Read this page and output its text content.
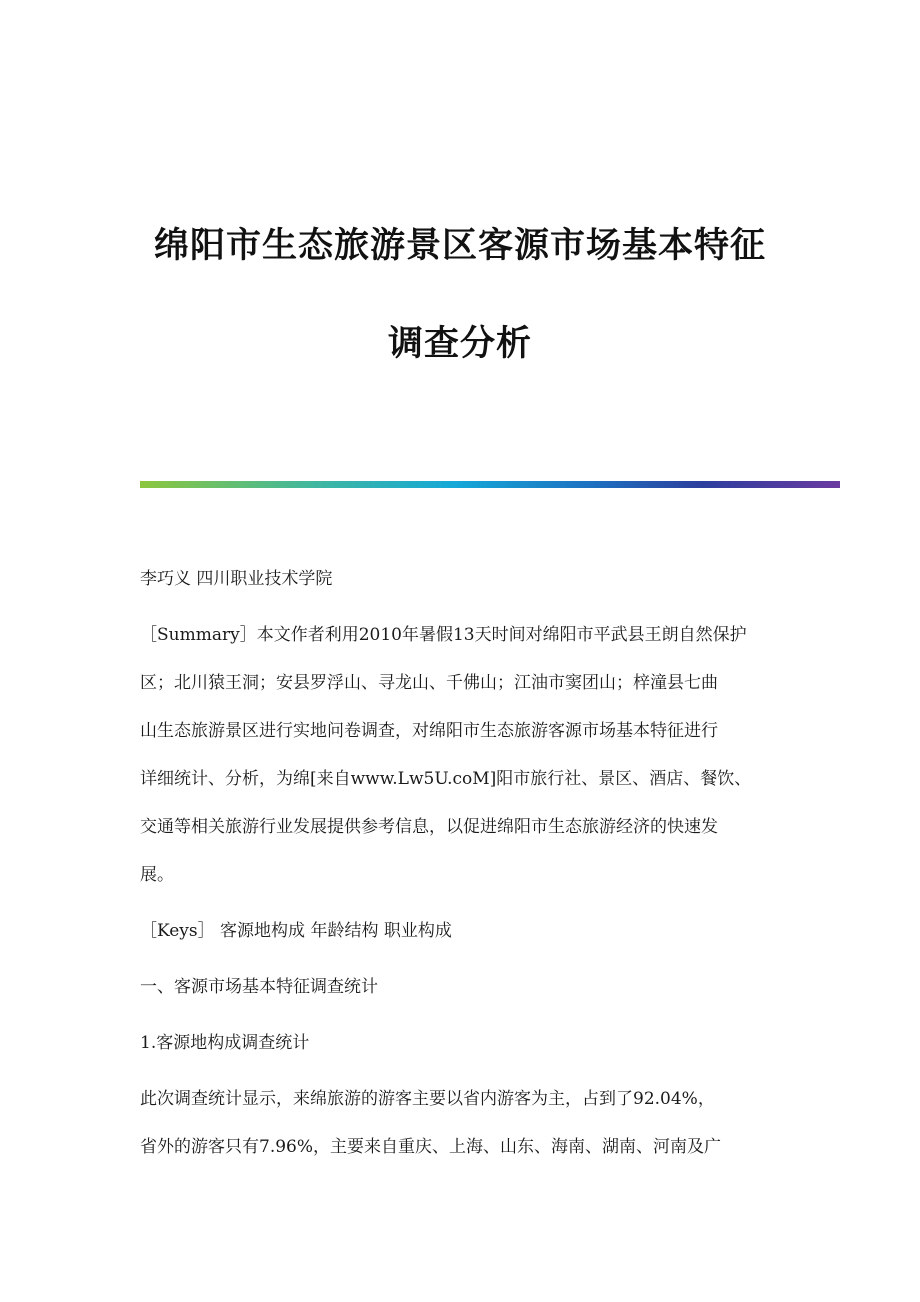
绵阳市生态旅游景区客源市场基本特征
调查分析

李巧义 四川职业技术学院

［Summary］本文作者利用2010年暑假13天时间对绵阳市平武县王朗自然保护
区；北川猿王洞；安县罗浮山、寻龙山、千佛山；江油市窦团山；梓潼县七曲
山生态旅游景区进行实地问卷调查，对绵阳市生态旅游客源市场基本特征进行
详细统计、分析，为绵[来自www.Lw5U.coM]阳市旅行社、景区、酒店、餐饮、
交通等相关旅游行业发展提供参考信息，以促进绵阳市生态旅游经济的快速发
展。

［Keys］ 客源地构成 年龄结构 职业构成

一、客源市场基本特征调查统计

1.客源地构成调查统计

此次调查统计显示，来绵旅游的游客主要以省内游客为主，占到了92.04%，
省外的游客只有7.96%，主要来自重庆、上海、山东、海南、湖南、河南及广
